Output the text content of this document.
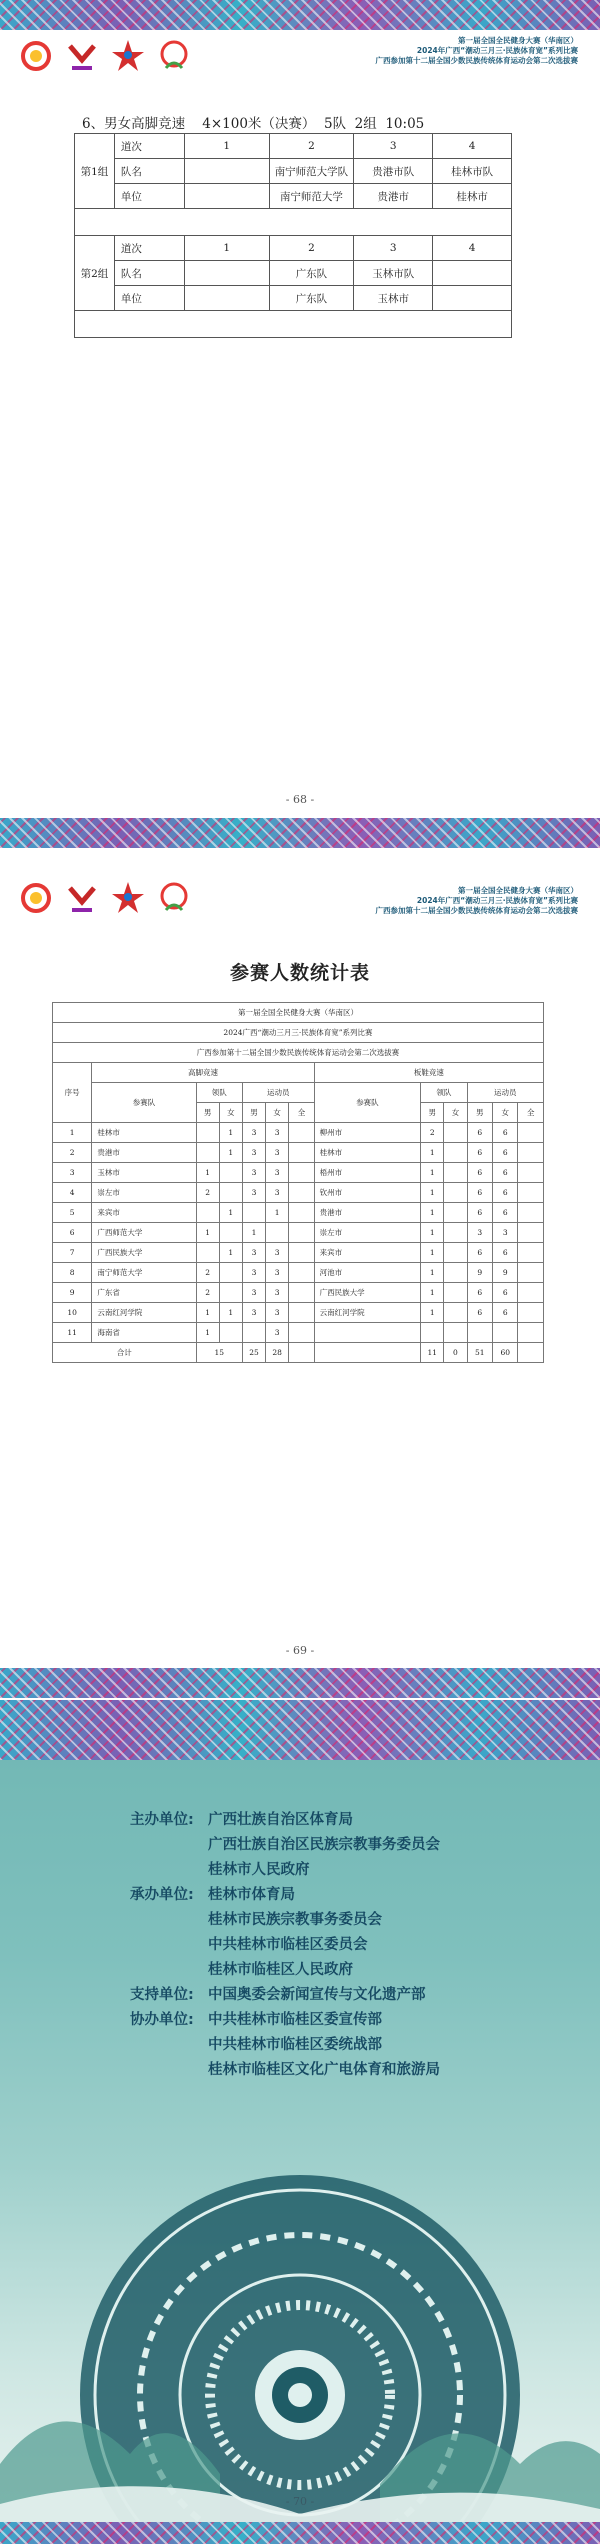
第一届全国全民健身大赛（华南区）
2024年广西“潮动三月三·民族体育宽”系列比赛
广西参加第十二届全国少数民族传统体育运动会第二次选拔赛
6、男女高脚竞速    4×100米（决赛）  5队  2组  10:05
第1组	道次	1	2	3	4
	队名		南宁师范大学队	贵港市队	桂林市队
	单位		南宁师范大学	贵港市	桂林市

第2组	道次	1	2	3	4
	队名		广东队	玉林市队	
	单位		广东队	玉林市	

- 68 -
第一届全国全民健身大赛（华南区）
2024年广西“潮动三月三·民族体育宽”系列比赛
广西参加第十二届全国少数民族传统体育运动会第二次选拔赛
- 69 -
参赛人数统计表
第一届全国全民健身大赛（华南区）												
2024广西“潮动三月三·民族体育宽”系列比赛												
广西参加第十二届全国少数民族传统体育运动会第二次选拔赛												
序号	高脚竞速						板鞋竞速					
	参赛队	领队		运动员			参赛队	领队		运动员		
		男	女	男	女	全		男	女	男	女	全
1	桂林市		1	3	3		柳州市	2		6	6	
2	贵港市		1	3	3		桂林市	1		6	6	
3	玉林市	1		3	3		梧州市	1		6	6	
4	崇左市	2		3	3		钦州市	1		6	6	
5	来宾市		1		1		贵港市	1		6	6	
6	广西师范大学	1		1			崇左市	1		3	3	
7	广西民族大学		1	3	3		来宾市	1		6	6	
8	南宁师范大学	2		3	3		河池市	1		9	9	
9	广东省	2		3	3		广西民族大学	1		6	6	
10	云南红河学院	1	1	3	3		云南红河学院	1		6	6	
11	海南省	1			3							
合计		15		25	28			11	0	51	60	
主办单位: 广西壮族自治区体育局
广西壮族自治区民族宗教事务委员会
桂林市人民政府
承办单位: 桂林市体育局
桂林市民族宗教事务委员会
中共桂林市临桂区委员会
桂林市临桂区人民政府
支持单位: 中国奥委会新闻宣传与文化遗产部
协办单位: 中共桂林市临桂区委宣传部
中共桂林市临桂区委统战部
桂林市临桂区文化广电体育和旅游局
- 70 -
